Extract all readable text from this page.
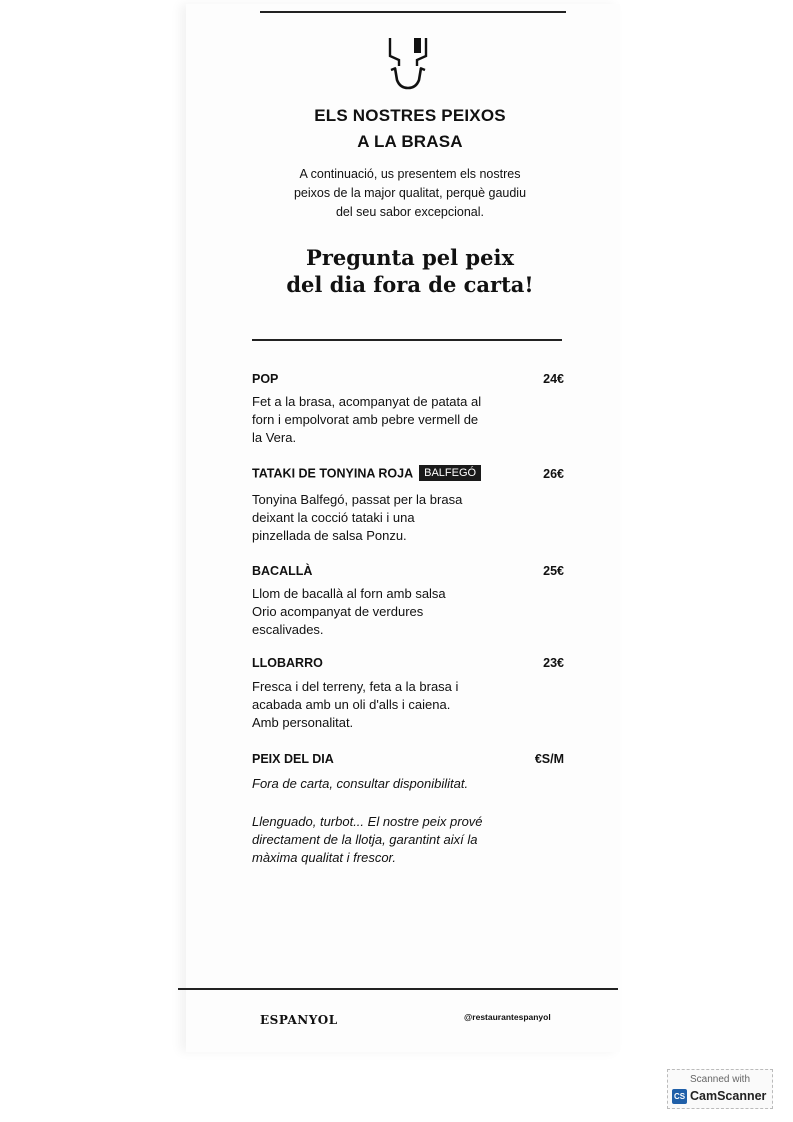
ELS NOSTRES PEIXOS
A LA BRASA
A continuació, us presentem els nostres
peixos de la major qualitat, perquè gaudiu
del seu sabor excepcional.
Pregunta pel peix
del dia fora de carta!
POP	24€
Fet a la brasa, acompanyat de patata al
forn i empolvorat amb pebre vermell de
la Vera.
TATAKI DE TONYINA ROJA BALFEGÓ	26€
Tonyina Balfegó, passat per la brasa
deixant la cocció tataki i una
pinzellada de salsa Ponzu.
BACALLÀ	25€
Llom de bacallà al forn amb salsa
Orio acompanyat de verdures
escalivades.
LLOBARRO	23€
Fresca i del terreny, feta a la brasa i
acabada amb un oli d'alls i caiena.
Amb personalitat.
PEIX DEL DIA	€S/M
Fora de carta, consultar disponibilitat.
Llenguado, turbot... El nostre peix prové
directament de la llotja, garantint així la
màxima qualitat i frescor.
ESPANYOL	@restaurantespanyol
Scanned with
CS CamScanner
